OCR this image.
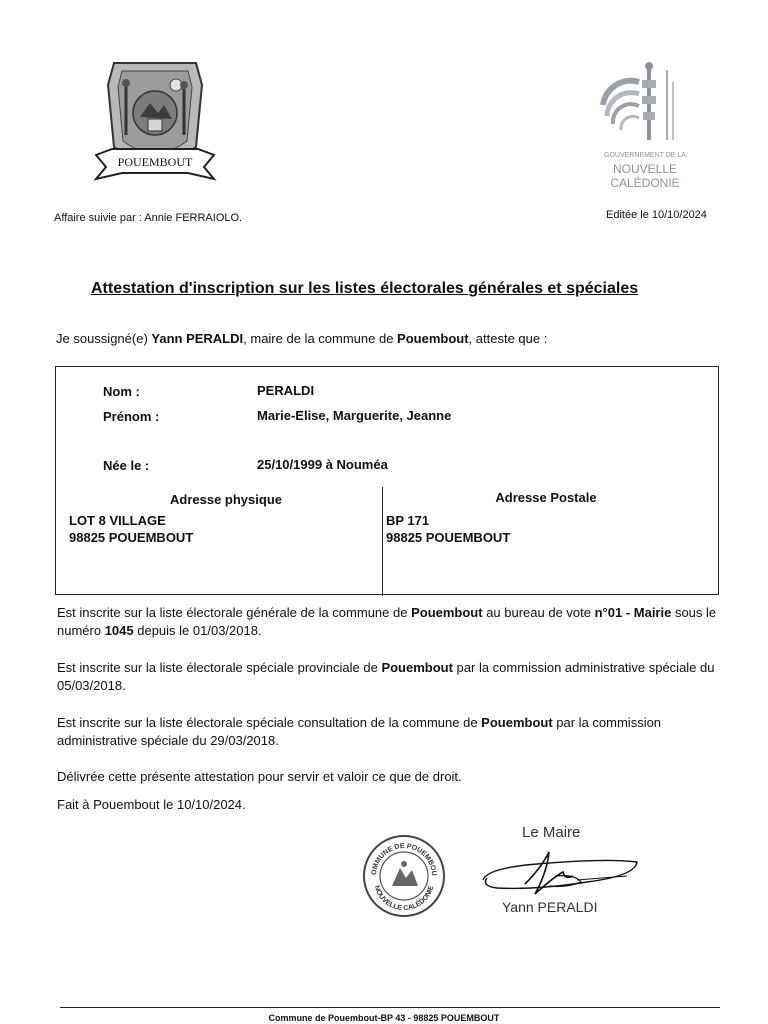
POUEMBOUT	GOUVERNEMENT DE LA
NOUVELLE
CALÉDONIE
Affaire suivie par : Annie FERRAIOLO.	Editée le 10/10/2024
Attestation d'inscription sur les listes électorales générales et spéciales
Je soussigné(e) Yann PERALDI, maire de la commune de Pouembout, atteste que :
Nom :	PERALDI
Prénom :	Marie-Elise, Marguerite, Jeanne
Née le :	25/10/1999 à Nouméa
Adresse physique
LOT 8 VILLAGE
98825 POUEMBOUT
Adresse Postale
BP 171
98825 POUEMBOUT
Est inscrite sur la liste électorale générale de la commune de Pouembout au bureau de vote n°01 - Mairie sous le numéro 1045 depuis le 01/03/2018.
Est inscrite sur la liste électorale spéciale provinciale de Pouembout par la commission administrative spéciale du 05/03/2018.
Est inscrite sur la liste électorale spéciale consultation de la commune de Pouembout par la commission administrative spéciale du 29/03/2018.
Délivrée cette présente attestation pour servir et valoir ce que de droit.
Fait à Pouembout le 10/10/2024.
Le Maire
OMMUNE DE POUEMBOU
NOUVELLE CALÉDONIE
Yann PERALDI
Commune de Pouembout-BP 43 - 98825 POUEMBOUT
